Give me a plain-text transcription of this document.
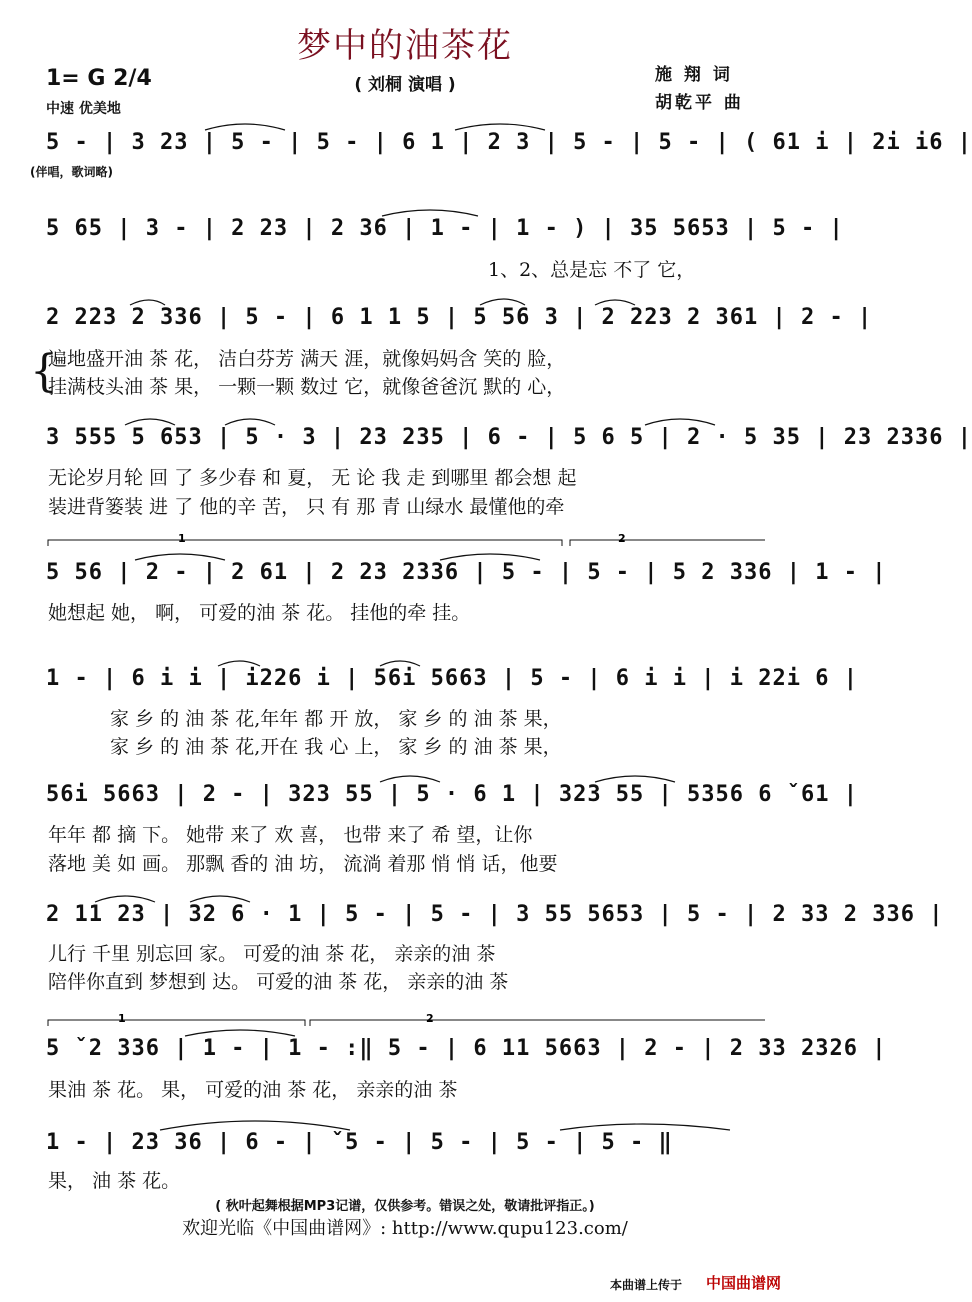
梦中的油茶花
( 刘桐 演唱 )
1= G 2/4
中速 优美地
施 翔 词
胡乾平 曲
5 - | 3 23 | 5 - | 5 - | 6 1 | 2 3 | 5 - | 5 - | ( 61 i | 2i i6 |
(伴唱，歌词略)
5 65 | 3 - | 2 23 | 2 36 | 1 - | 1 - ) | 35 5653 | 5 - |
1、2、总是忘 不了 它，
2 223 2 336 | 5 - | 6 1 1 5 | 5 56 3 | 2 223 2 361 | 2 - |
{
遍地盛开油 茶 花， 洁白芬芳 满天 涯，就像妈妈含 笑的 脸，
挂满枝头油 茶 果， 一颗一颗 数过 它，就像爸爸沉 默的 心，
3 555 5 653 | 5 · 3 | 23 235 | 6 - | 5 6 5 | 2 · 5 35 | 23 2336 |
无论岁月轮 回 了 多少春 和 夏， 无 论 我 走 到哪里 都会想 起
装进背篓装 进 了 他的辛 苦， 只 有 那 青 山绿水 最懂他的牵
5 56 | 2 - | 2 61 | 2 23 2336 | 5 - | 5 - | 5 2 336 | 1 - |
她想起 她， 啊， 可爱的油 茶 花。 挂他的牵 挂。
1 - | 6 i i | i226 i | 56i 5663 | 5 - | 6 i i | i 22i 6 |
家 乡 的 油 茶 花,年年 都 开 放， 家 乡 的 油 茶 果，
家 乡 的 油 茶 花,开在 我 心 上， 家 乡 的 油 茶 果，
56i 5663 | 2 - | 323 55 | 5 · 6 1 | 323 55 | 5356 6 ˇ61 |
年年 都 摘 下。 她带 来了 欢 喜， 也带 来了 希 望，让你
落地 美 如 画。 那飘 香的 油 坊， 流淌 着那 悄 悄 话，他要
2 11 23 | 32 6 · 1 | 5 - | 5 - | 3 55 5653 | 5 - | 2 33 2 336 |
儿行 千里 别忘回 家。 可爱的油 茶 花， 亲亲的油 茶
陪伴你直到 梦想到 达。 可爱的油 茶 花， 亲亲的油 茶
5 ˇ2 336 | 1 - | 1 - :‖ 5 - | 6 11 5663 | 2 - | 2 33 2326 |
果油 茶 花。 果， 可爱的油 茶 花， 亲亲的油 茶
1 - | 23 36 | 6 - | ˇ5 - | 5 - | 5 - | 5 - ‖
果， 油 茶 花。
1	2
1	2
( 秋叶起舞根据MP3记谱，仅供参考。错误之处，敬请批评指正。)
欢迎光临《中国曲谱网》: http://www.qupu123.com/
本曲谱上传于 中国曲谱网
